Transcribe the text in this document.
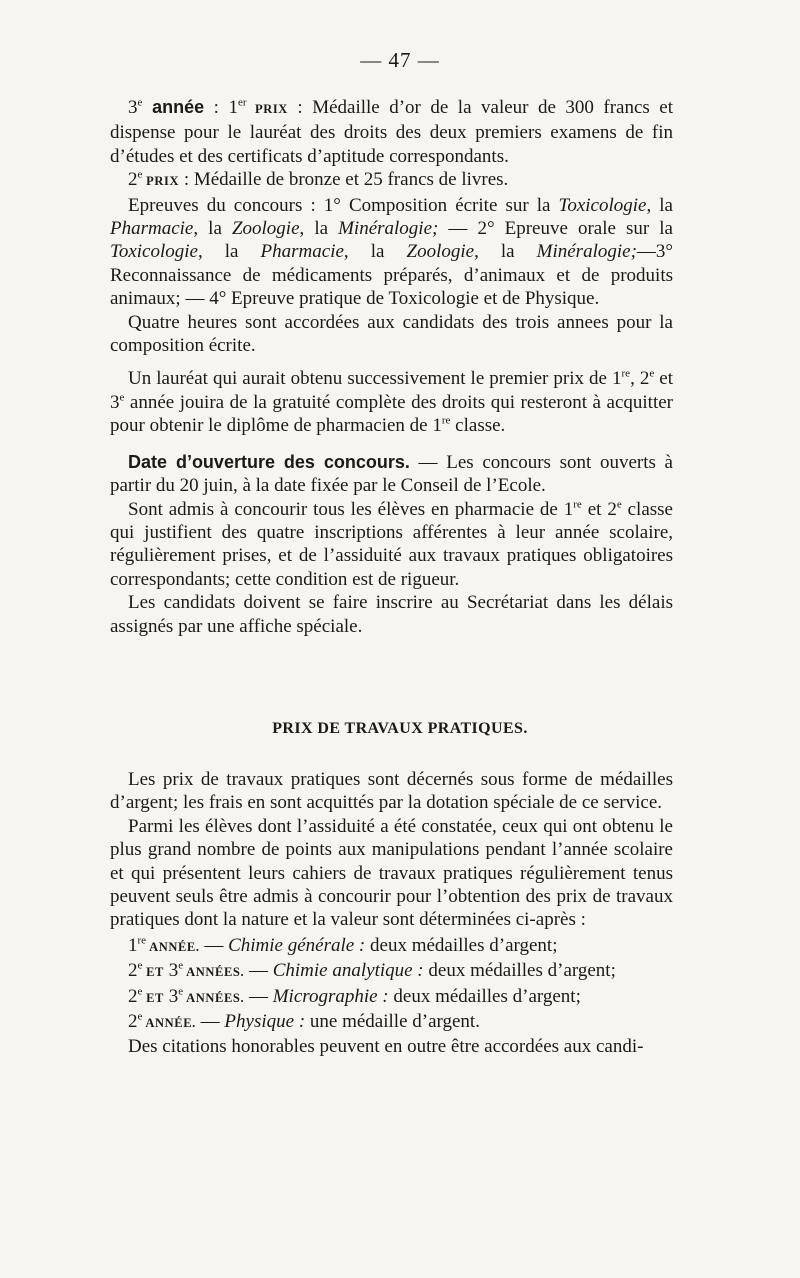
— 47 —

3e année : 1er PRIX : Médaille d’or de la valeur de 300 francs et dispense pour le lauréat des droits des deux premiers examens de fin d’études et des certificats d’aptitude correspondants.

2e PRIX : Médaille de bronze et 25 francs de livres.

Epreuves du concours : 1° Composition écrite sur la Toxicologie, la Pharmacie, la Zoologie, la Minéralogie; — 2° Epreuve orale sur la Toxicologie, la Pharmacie, la Zoologie, la Minéralogie;—3° Reconnaissance de médicaments préparés, d’animaux et de produits animaux; — 4° Epreuve pratique de Toxicologie et de Physique.

Quatre heures sont accordées aux candidats des trois annees pour la composition écrite.

Un lauréat qui aurait obtenu successivement le premier prix de 1re, 2e et 3e année jouira de la gratuité complète des droits qui resteront à acquitter pour obtenir le diplôme de pharmacien de 1re classe.

Date d’ouverture des concours. — Les concours sont ouverts à partir du 20 juin, à la date fixée par le Conseil de l’Ecole.

Sont admis à concourir tous les élèves en pharmacie de 1re et 2e classe qui justifient des quatre inscriptions afférentes à leur année scolaire, régulièrement prises, et de l’assiduité aux travaux pratiques obligatoires correspondants; cette condition est de rigueur.

Les candidats doivent se faire inscrire au Secrétariat dans les délais assignés par une affiche spéciale.

PRIX DE TRAVAUX PRATIQUES.

Les prix de travaux pratiques sont décernés sous forme de médailles d’argent; les frais en sont acquittés par la dotation spéciale de ce service.

Parmi les élèves dont l’assiduité a été constatée, ceux qui ont obtenu le plus grand nombre de points aux manipulations pendant l’année scolaire et qui présentent leurs cahiers de travaux pratiques régulièrement tenus peuvent seuls être admis à concourir pour l’obtention des prix de travaux pratiques dont la nature et la valeur sont déterminées ci-après :

1re ANNÉE. — Chimie générale : deux médailles d’argent;

2e ET 3e ANNÉES. — Chimie analytique : deux médailles d’argent;

2e ET 3e ANNÉES. — Micrographie : deux médailles d’argent;

2e ANNÉE. — Physique : une médaille d’argent.

Des citations honorables peuvent en outre être accordées aux candi-
